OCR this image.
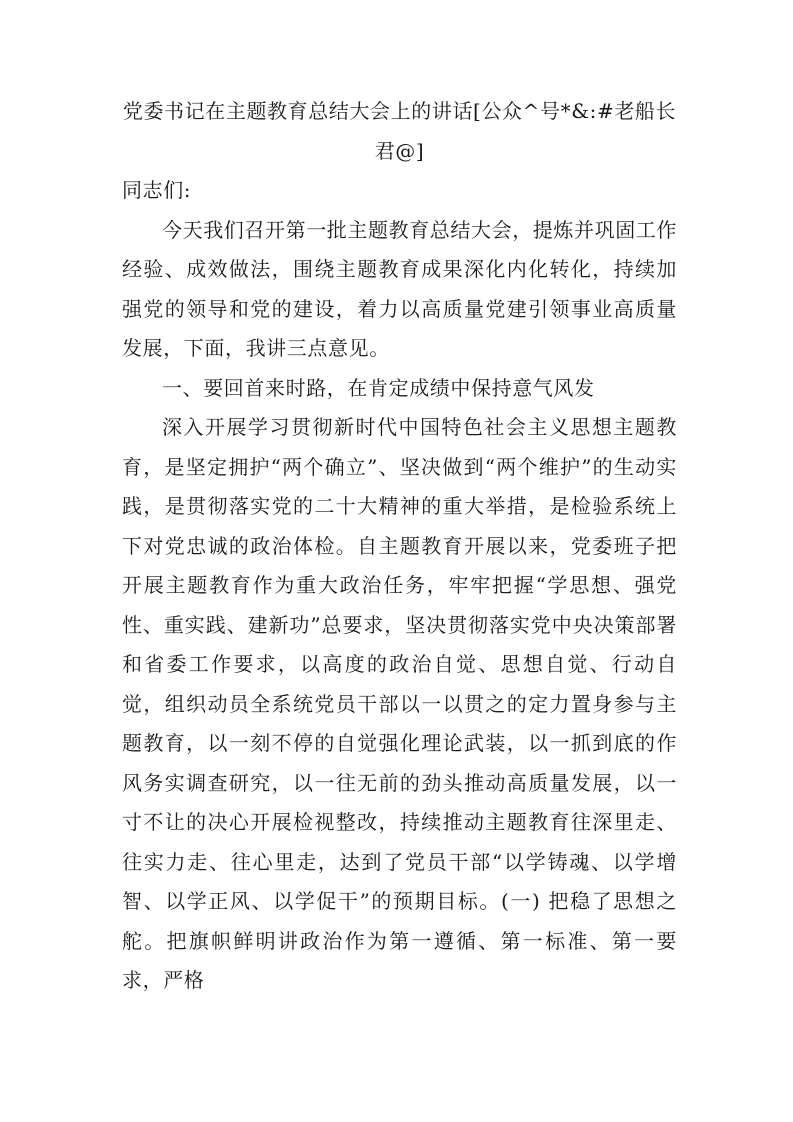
党委书记在主题教育总结大会上的讲话[公众^号*&:#老船长君@]

同志们:

今天我们召开第一批主题教育总结大会，提炼并巩固工作经验、成效做法，围绕主题教育成果深化内化转化，持续加强党的领导和党的建设，着力以高质量党建引领事业高质量发展，下面，我讲三点意见。

一、要回首来时路，在肯定成绩中保持意气风发

深入开展学习贯彻新时代中国特色社会主义思想主题教育，是坚定拥护“两个确立”、坚决做到“两个维护”的生动实践，是贯彻落实党的二十大精神的重大举措，是检验系统上下对党忠诚的政治体检。自主题教育开展以来，党委班子把开展主题教育作为重大政治任务，牢牢把握“学思想、强党性、重实践、建新功”总要求，坚决贯彻落实党中央决策部署和省委工作要求，以高度的政治自觉、思想自觉、行动自觉，组织动员全系统党员干部以一以贯之的定力置身参与主题教育，以一刻不停的自觉强化理论武装，以一抓到底的作风务实调查研究，以一往无前的劲头推动高质量发展，以一寸不让的决心开展检视整改，持续推动主题教育往深里走、往实力走、往心里走，达到了党员干部“以学铸魂、以学增智、以学正风、以学促干”的预期目标。(一) 把稳了思想之舵。把旗帜鲜明讲政治作为第一遵循、第一标准、第一要求，严格
